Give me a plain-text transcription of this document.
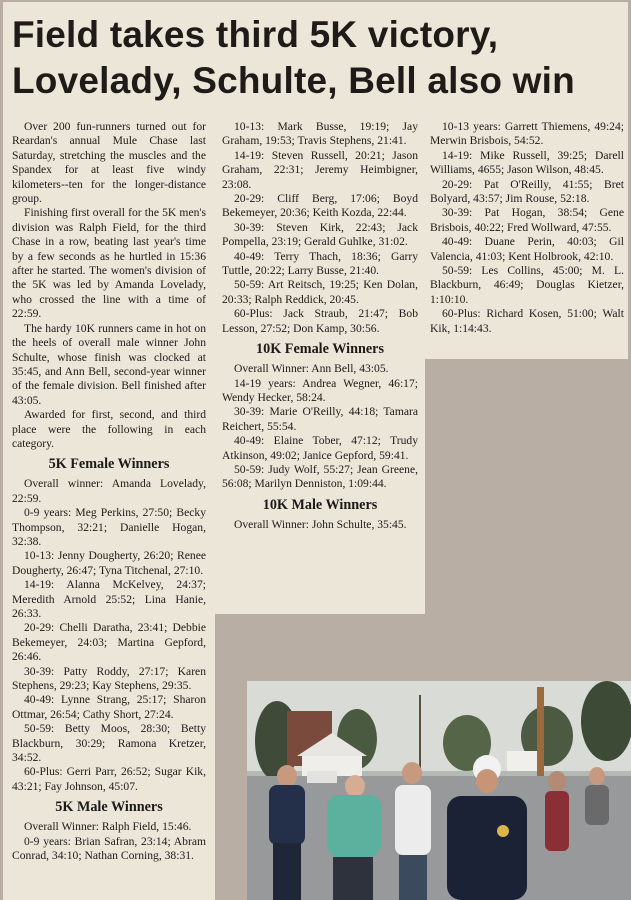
Field takes third 5K victory,
Lovelady, Schulte, Bell also win

Over 200 fun-runners turned out for Reardan's annual Mule Chase last Saturday, stretching the muscles and the Spandex for at least five windy kilometers--ten for the longer-distance group.

Finishing first overall for the 5K men's division was Ralph Field, for the third Chase in a row, beating last year's time by a few seconds as he hurtled in 15:36 after he started. The women's division of the 5K was led by Amanda Lovelady, who crossed the line with a time of 22:59.

The hardy 10K runners came in hot on the heels of overall male winner John Schulte, whose finish was clocked at 35:45, and Ann Bell, second-year winner of the female division. Bell finished after 43:05.

Awarded for first, second, and third place were the following in each category.

5K Female Winners

Overall winner: Amanda Lovelady, 22:59.

0-9 years: Meg Perkins, 27:50; Becky Thompson, 32:21; Danielle Hogan, 32:38.

10-13: Jenny Dougherty, 26:20; Renee Dougherty, 26:47; Tyna Titchenal, 27:10.

14-19: Alanna McKelvey, 24:37; Meredith Arnold 25:52; Lina Hanie, 26:33.

20-29: Chelli Daratha, 23:41; Debbie Bekemeyer, 24:03; Martina Gepford, 26:46.

30-39: Patty Roddy, 27:17; Karen Stephens, 29:23; Kay Stephens, 29:35.

40-49: Lynne Strang, 25:17; Sharon Ottmar, 26:54; Cathy Short, 27:24.

50-59: Betty Moos, 28:30; Betty Blackburn, 30:29; Ramona Kretzer, 34:52.

60-Plus: Gerri Parr, 26:52; Sugar Kik, 43:21; Fay Johnson, 45:07.

5K Male Winners

Overall Winner: Ralph Field, 15:46.

0-9 years: Brian Safran, 23:14; Abram Conrad, 34:10; Nathan Corning, 38:31.

10-13: Mark Busse, 19:19; Jay Graham, 19:53; Travis Stephens, 21:41.

14-19: Steven Russell, 20:21; Jason Graham, 22:31; Jeremy Heimbigner, 23:08.

20-29: Cliff Berg, 17:06; Boyd Bekemeyer, 20:36; Keith Kozda, 22:44.

30-39: Steven Kirk, 22:43; Jack Pompella, 23:19; Gerald Guhlke, 31:02.

40-49: Terry Thach, 18:36; Garry Tuttle, 20:22; Larry Busse, 21:40.

50-59: Art Reitsch, 19:25; Ken Dolan, 20:33; Ralph Reddick, 20:45.

60-Plus: Jack Straub, 21:47; Bob Lesson, 27:52; Don Kamp, 30:56.

10K Female Winners

Overall Winner: Ann Bell, 43:05.

14-19 years: Andrea Wegner, 46:17; Wendy Hecker, 58:24.

30-39: Marie O'Reilly, 44:18; Tamara Reichert, 55:54.

40-49: Elaine Tober, 47:12; Trudy Atkinson, 49:02; Janice Gepford, 59:41.

50-59: Judy Wolf, 55:27; Jean Greene, 56:08; Marilyn Denniston, 1:09:44.

10K Male Winners

Overall Winner: John Schulte, 35:45.

10-13 years: Garrett Thiemens, 49:24; Merwin Brisbois, 54:52.

14-19: Mike Russell, 39:25; Darell Williams, 4655; Jason Wilson, 48:45.

20-29: Pat O'Reilly, 41:55; Bret Bolyard, 43:57; Jim Rouse, 52:18.

30-39: Pat Hogan, 38:54; Gene Brisbois, 40:22; Fred Wollward, 47:55.

40-49: Duane Perin, 40:03; Gil Valencia, 41:03; Kent Holbrook, 42:10.

50-59: Les Collins, 45:00; M. L. Blackburn, 46:49; Douglas Kietzer, 1:10:10.

60-Plus: Richard Kosen, 51:00; Walt Kik, 1:14:43.
